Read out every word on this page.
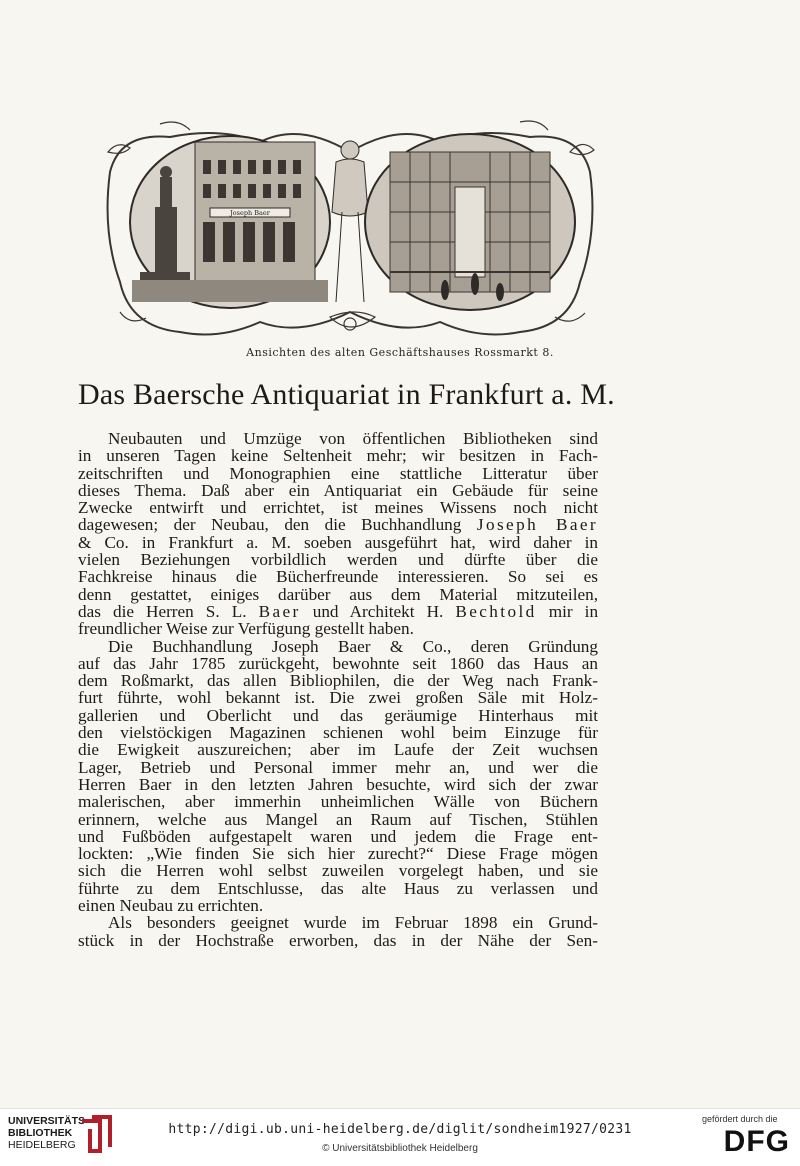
Joseph Baer
Ansichten des alten Geschäftshauses Rossmarkt 8.
Das Baersche Antiquariat in Frankfurt a. M.
Neubauten und Umzüge von öffentlichen Bibliotheken sind
in unseren Tagen keine Seltenheit mehr; wir besitzen in Fach-
zeitschriften und Monographien eine stattliche Litteratur über
dieses Thema. Daß aber ein Antiquariat ein Gebäude für seine
Zwecke entwirft und errichtet, ist meines Wissens noch nicht
dagewesen; der Neubau, den die Buchhandlung Joseph Baer
& Co. in Frankfurt a. M. soeben ausgeführt hat, wird daher in
vielen Beziehungen vorbildlich werden und dürfte über die
Fachkreise hinaus die Bücherfreunde interessieren. So sei es
denn gestattet, einiges darüber aus dem Material mitzuteilen,
das die Herren S. L. Baer und Architekt H. Bechtold mir in
freundlicher Weise zur Verfügung gestellt haben.
Die Buchhandlung Joseph Baer & Co., deren Gründung
auf das Jahr 1785 zurückgeht, bewohnte seit 1860 das Haus an
dem Roßmarkt, das allen Bibliophilen, die der Weg nach Frank-
furt führte, wohl bekannt ist. Die zwei großen Säle mit Holz-
gallerien und Oberlicht und das geräumige Hinterhaus mit
den vielstöckigen Magazinen schienen wohl beim Einzuge für
die Ewigkeit auszureichen; aber im Laufe der Zeit wuchsen
Lager, Betrieb und Personal immer mehr an, und wer die
Herren Baer in den letzten Jahren besuchte, wird sich der zwar
malerischen, aber immerhin unheimlichen Wälle von Büchern
erinnern, welche aus Mangel an Raum auf Tischen, Stühlen
und Fußböden aufgestapelt waren und jedem die Frage ent-
lockten: „Wie finden Sie sich hier zurecht?“ Diese Frage mögen
sich die Herren wohl selbst zuweilen vorgelegt haben, und sie
führte zu dem Entschlusse, das alte Haus zu verlassen und
einen Neubau zu errichten.
Als besonders geeignet wurde im Februar 1898 ein Grund-
stück in der Hochstraße erworben, das in der Nähe der Sen-
UNIVERSITÄTS-
BIBLIOTHEK
HEIDELBERG
http://digi.ub.uni-heidelberg.de/diglit/sondheim1927/0231
© Universitätsbibliothek Heidelberg
gefördert durch die
DFG
